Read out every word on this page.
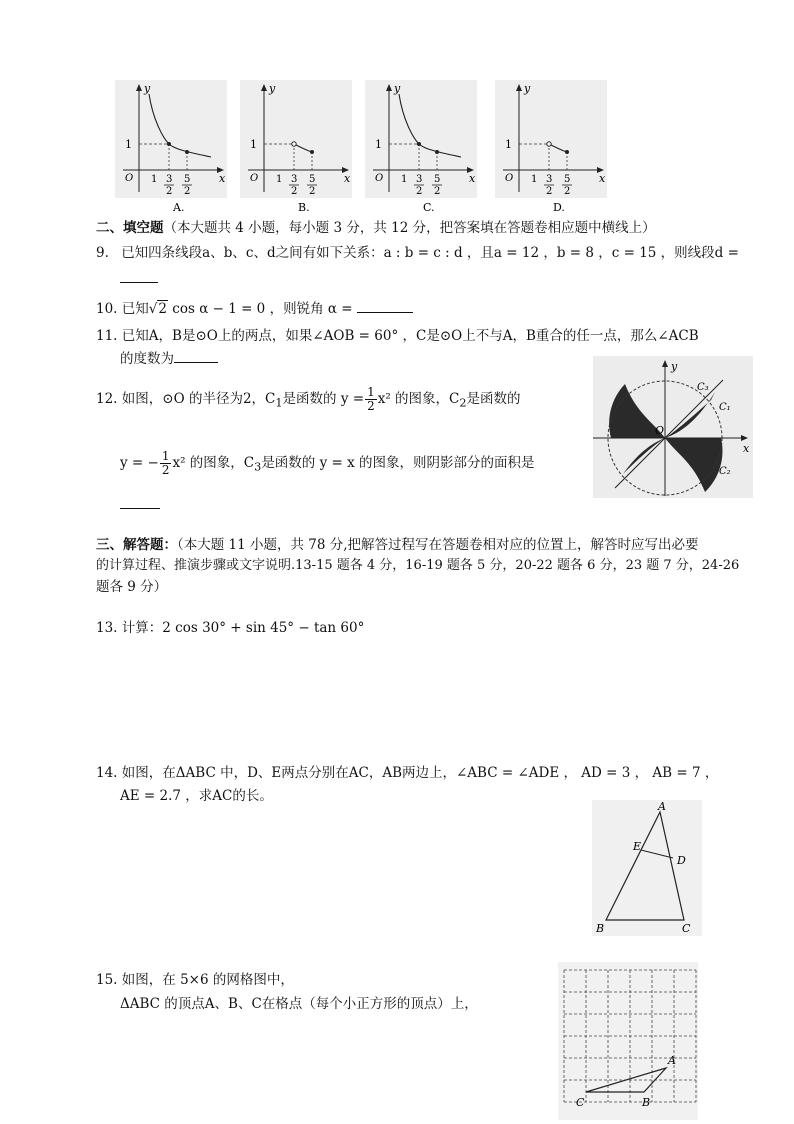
y
x
O
1
1 3
2
5
2
A.
y
x
O
1
1 3
2
5
2
B.
y
x
O
1
1 3
2
5
2
C.
y
x
O
1
1 3
2
5
2
D.
二、填空题（本大题共 4 小题，每小题 3 分，共 12 分，把答案填在答题卷相应题中横线上）
9. 已知四条线段a、b、c、d之间有如下关系：a : b = c : d ，且a = 12 ，b = 8 ，c = 15 ，则线段d =
10. 已知√2 cos α − 1 = 0 ，则锐角 α =
11. 已知A，B是⊙O上的两点，如果∠AOB = 60° ，C是⊙O上不与A，B重合的任一点，那么∠ACB
的度数为
12. 如图，⊙O 的半径为2，$C_1$是函数的 $y = \frac{1}{2} x^2$ 的图象，$C_2$是函数的
y = − $\frac{1}{2} x^2$ 的图象，$C_3$是函数的 y = x 的图象，则阴影部分的面积是
y
x
O
C₃
C₁
C₂
三、解答题：（本大题 11 小题，共 78 分,把解答过程写在答题卷相对应的位置上，解答时应写出必要
的计算过程、推演步骤或文字说明.13-15 题各 4 分，16-19 题各 5 分，20-22 题各 6 分，23 题 7 分，24-26
题各 9 分）
13. 计算：2 cos 30° + sin 45° − tan 60°
14. 如图，在ΔABC 中，D、E两点分别在AC，AB两边上，∠ABC = ∠ADE ， AD = 3 ， AB = 7 ，
AE = 2.7 ，求AC的长。
A
B	C
D
E
15. 如图，在 5×6 的网格图中，
ΔABC 的顶点A、B、C在格点（每个小正方形的顶点）上，
A
B
C
